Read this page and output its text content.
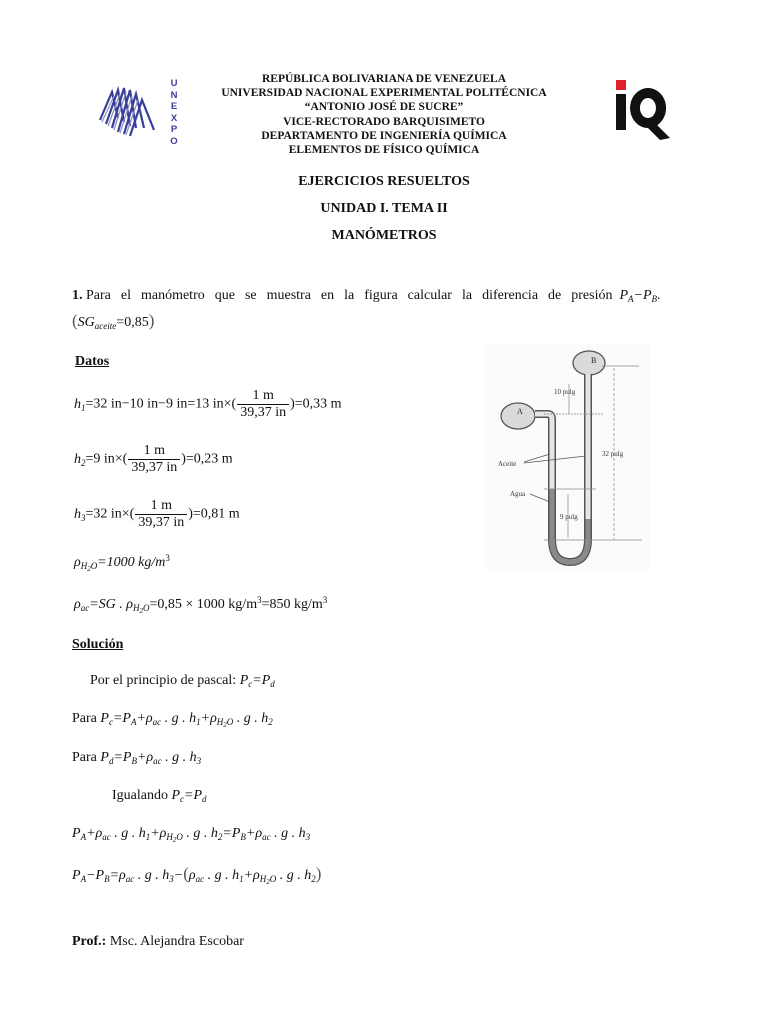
U
N
E
X
P
O
REPÚBLICA BOLIVARIANA DE VENEZUELA
UNIVERSIDAD NACIONAL EXPERIMENTAL POLITÉCNICA
“ANTONIO JOSÉ DE SUCRE”
VICE-RECTORADO BARQUISIMETO
DEPARTAMENTO DE INGENIERÍA QUÍMICA
ELEMENTOS DE FÍSICO QUÍMICA
EJERCICIOS RESUELTOS
UNIDAD I. TEMA II
MANÓMETROS
1. Para el manómetro que se muestra en la figura calcular la diferencia de presión  $P_A-P_B$.
$(SG_{aceite}=0,85)$
Datos
$h_1=32$ in−10 in−9 in=13 $in\times( \frac{1 m}{39,37 in} )=0,33$ m
$h_2=9$ $in\times( \frac{1 m}{39,37 in} )=0,23$ m
$h_3=32$ $in\times( \frac{1 m}{39,37 in} )=0,81$ m
$\rho_{H_2O}=1000$ $kg/m^3$
$\rho_{ac}=SG$ . $\rho_{H_2O}=0,85 \times 1000$ $kg/m^3=850$ $kg/m^3$
B
A
10 pulg
32 pulg
9 pulg
Aceite
Agua
Solución
Por el principio de pascal: $P_c=P_d$
Para $P_c=P_A+\rho_{ac}$ . g . $h_1+\rho_{H_2O}$ . g . $h_2$
Para $P_d=P_B+\rho_{ac}$ . g . $h_3$
Igualando $P_c=P_d$
$P_A+\rho_{ac}$ . g . $h_1+\rho_{H_2O}$ . g . $h_2=P_B+\rho_{ac}$ . g . $h_3$
$P_A-P_B=\rho_{ac}$ . g . $h_3-(\rho_{ac}$ . g . $h_1+\rho_{H_2O}$ . g . $h_2$)
Prof.: Msc. Alejandra Escobar
